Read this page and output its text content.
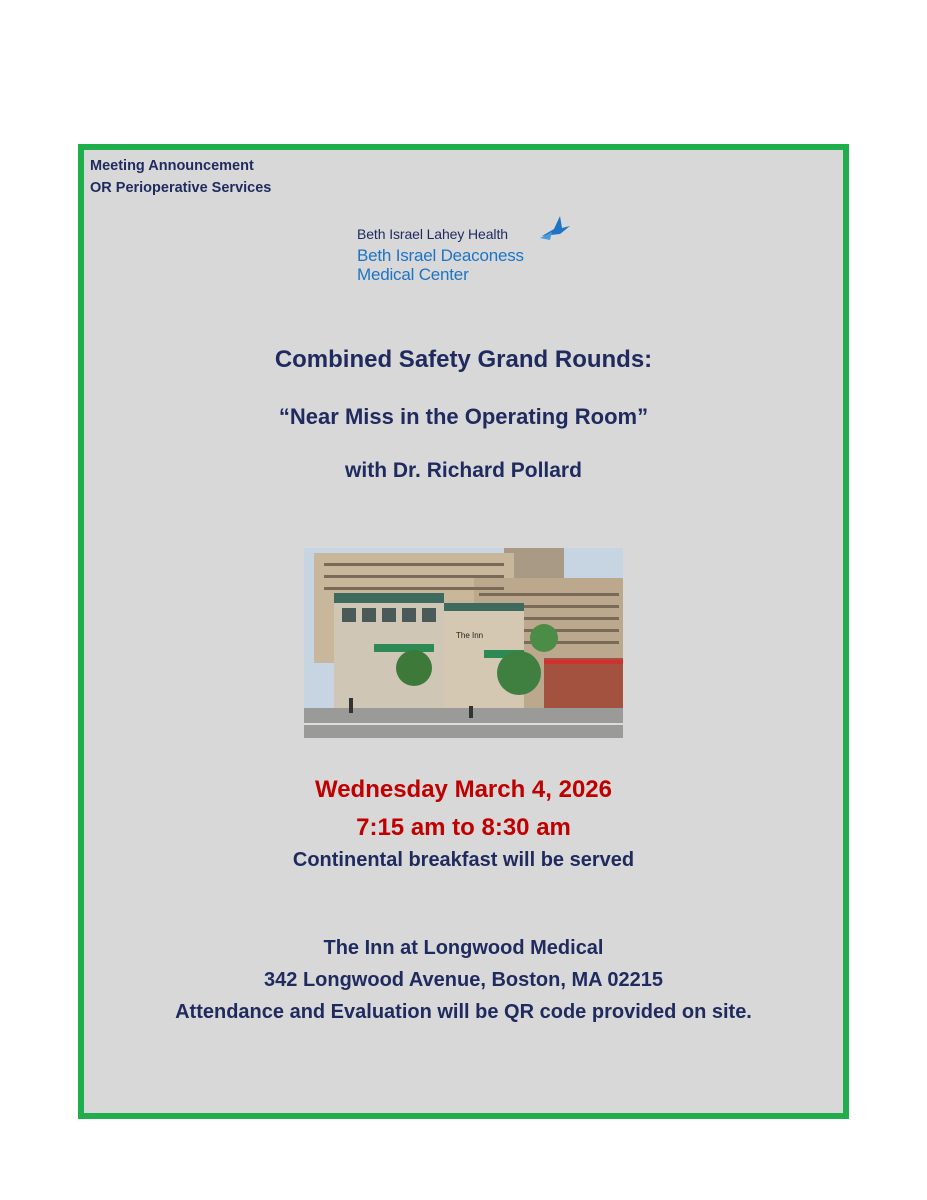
Meeting Announcement
OR Perioperative Services
Beth Israel Lahey Health
Beth Israel Deaconess
Medical Center
Combined Safety Grand Rounds:
“Near Miss in the Operating Room”
with Dr. Richard Pollard
The Inn
Wednesday March 4, 2026
7:15 am to 8:30 am
Continental breakfast will be served
The Inn at Longwood Medical
342 Longwood Avenue, Boston, MA 02215
Attendance and Evaluation will be QR code provided on site.
